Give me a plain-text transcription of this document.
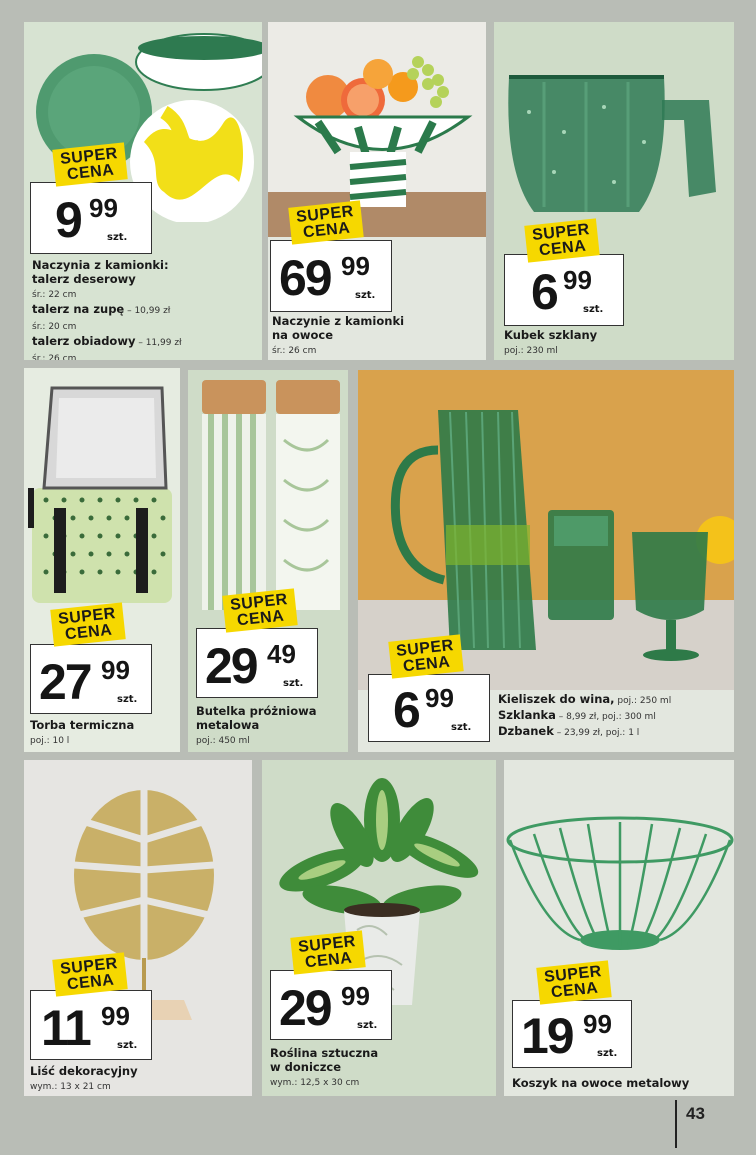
SUPER
CENA
9 99
szt.
Naczynia z kamionki:
talerz deserowy
śr.: 22 cm
talerz na zupę – 10,99 zł
śr.: 20 cm
talerz obiadowy – 11,99 zł
śr.: 26 cm
SUPER
CENA
69 99
szt.
Naczynie z kamionki
na owoce
śr.: 26 cm
SUPER
CENA
6 99
szt.
Kubek szklany
poj.: 230 ml
SUPER
CENA
27 99
szt.
Torba termiczna
poj.: 10 l
SUPER
CENA
29 49
szt.
Butelka próżniowa
metalowa
poj.: 450 ml
SUPER
CENA
6 99
szt.
Kieliszek do wina, poj.: 250 ml
Szklanka – 8,99 zł, poj.: 300 ml
Dzbanek – 23,99 zł, poj.: 1 l
SUPER
CENA
11 99
szt.
Liść dekoracyjny
wym.: 13 x 21 cm
SUPER
CENA
29 99
szt.
Roślina sztuczna
w doniczce
wym.: 12,5 x 30 cm
SUPER
CENA
19 99
szt.
Koszyk na owoce metalowy
43
